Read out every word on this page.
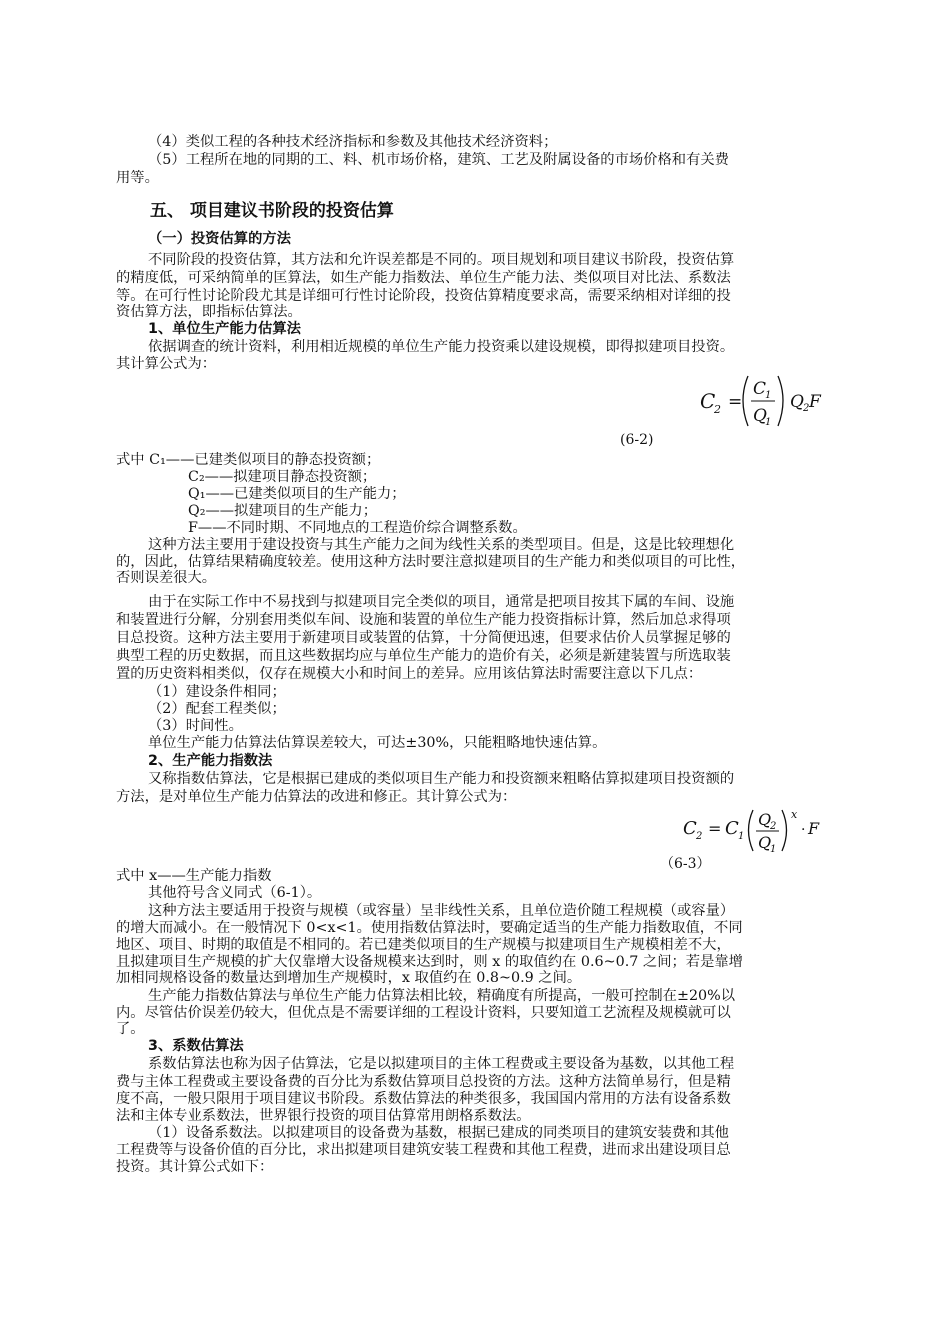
（4）类似工程的各种技术经济指标和参数及其他技术经济资料；
（5）工程所在地的同期的工、料、机市场价格，建筑、工艺及附属设备的市场价格和有关费
用等。
五、 项目建议书阶段的投资估算
（一）投资估算的方法
不同阶段的投资估算，其方法和允许误差都是不同的。项目规划和项目建议书阶段，投资估算
的精度低，可采纳简单的匡算法，如生产能力指数法、单位生产能力法、类似项目对比法、系数法
等。在可行性讨论阶段尤其是详细可行性讨论阶段，投资估算精度要求高，需要采纳相对详细的投
资估算方法，即指标估算法。
1、单位生产能力估算法
依据调查的统计资料，利用相近规模的单位生产能力投资乘以建设规模，即得拟建项目投资。
其计算公式为：
C
2 =
C
1
Q
1
Q 2 F
(6-2)
式中 C₁——已建类似项目的静态投资额；
C₂——拟建项目静态投资额；
Q₁——已建类似项目的生产能力；
Q₂——拟建项目的生产能力；
F——不同时期、不同地点的工程造价综合调整系数。
这种方法主要用于建设投资与其生产能力之间为线性关系的类型项目。但是，这是比较理想化
的，因此，估算结果精确度较差。使用这种方法时要注意拟建项目的生产能力和类似项目的可比性，
否则误差很大。
由于在实际工作中不易找到与拟建项目完全类似的项目，通常是把项目按其下属的车间、设施
和装置进行分解，分别套用类似车间、设施和装置的单位生产能力投资指标计算，然后加总求得项
目总投资。这种方法主要用于新建项目或装置的估算，十分简便迅速，但要求估价人员掌握足够的
典型工程的历史数据，而且这些数据均应与单位生产能力的造价有关，必须是新建装置与所选取装
置的历史资料相类似，仅存在规模大小和时间上的差异。应用该估算法时需要注意以下几点：
（1）建设条件相同；
（2）配套工程类似；
（3）时间性。
单位生产能力估算法估算误差较大，可达±30%，只能粗略地快速估算。
2、生产能力指数法
又称指数估算法，它是根据已建成的类似项目生产能力和投资额来粗略估算拟建项目投资额的
方法，是对单位生产能力估算法的改进和修正。其计算公式为：
C 2 = C 1
Q
2
Q
1
x
· F
（6-3）
式中 x——生产能力指数
其他符号含义同式（6-1）。
这种方法主要适用于投资与规模（或容量）呈非线性关系，且单位造价随工程规模（或容量）
的增大而减小。在一般情况下 0<x<1。使用指数估算法时，要确定适当的生产能力指数取值，不同
地区、项目、时期的取值是不相同的。若已建类似项目的生产规模与拟建项目生产规模相差不大，
且拟建项目生产规模的扩大仅靠增大设备规模来达到时，则 x 的取值约在 0.6~0.7 之间；若是靠增
加相同规格设备的数量达到增加生产规模时，x 取值约在 0.8~0.9 之间。
生产能力指数估算法与单位生产能力估算法相比较，精确度有所提高，一般可控制在±20%以
内。尽管估价误差仍较大，但优点是不需要详细的工程设计资料，只要知道工艺流程及规模就可以
了。
3、系数估算法
系数估算法也称为因子估算法，它是以拟建项目的主体工程费或主要设备为基数，以其他工程
费与主体工程费或主要设备费的百分比为系数估算项目总投资的方法。这种方法简单易行，但是精
度不高，一般只限用于项目建议书阶段。系数估算法的种类很多，我国国内常用的方法有设备系数
法和主体专业系数法，世界银行投资的项目估算常用朗格系数法。
（1）设备系数法。以拟建项目的设备费为基数，根据已建成的同类项目的建筑安装费和其他
工程费等与设备价值的百分比，求出拟建项目建筑安装工程费和其他工程费，进而求出建设项目总
投资。其计算公式如下：
